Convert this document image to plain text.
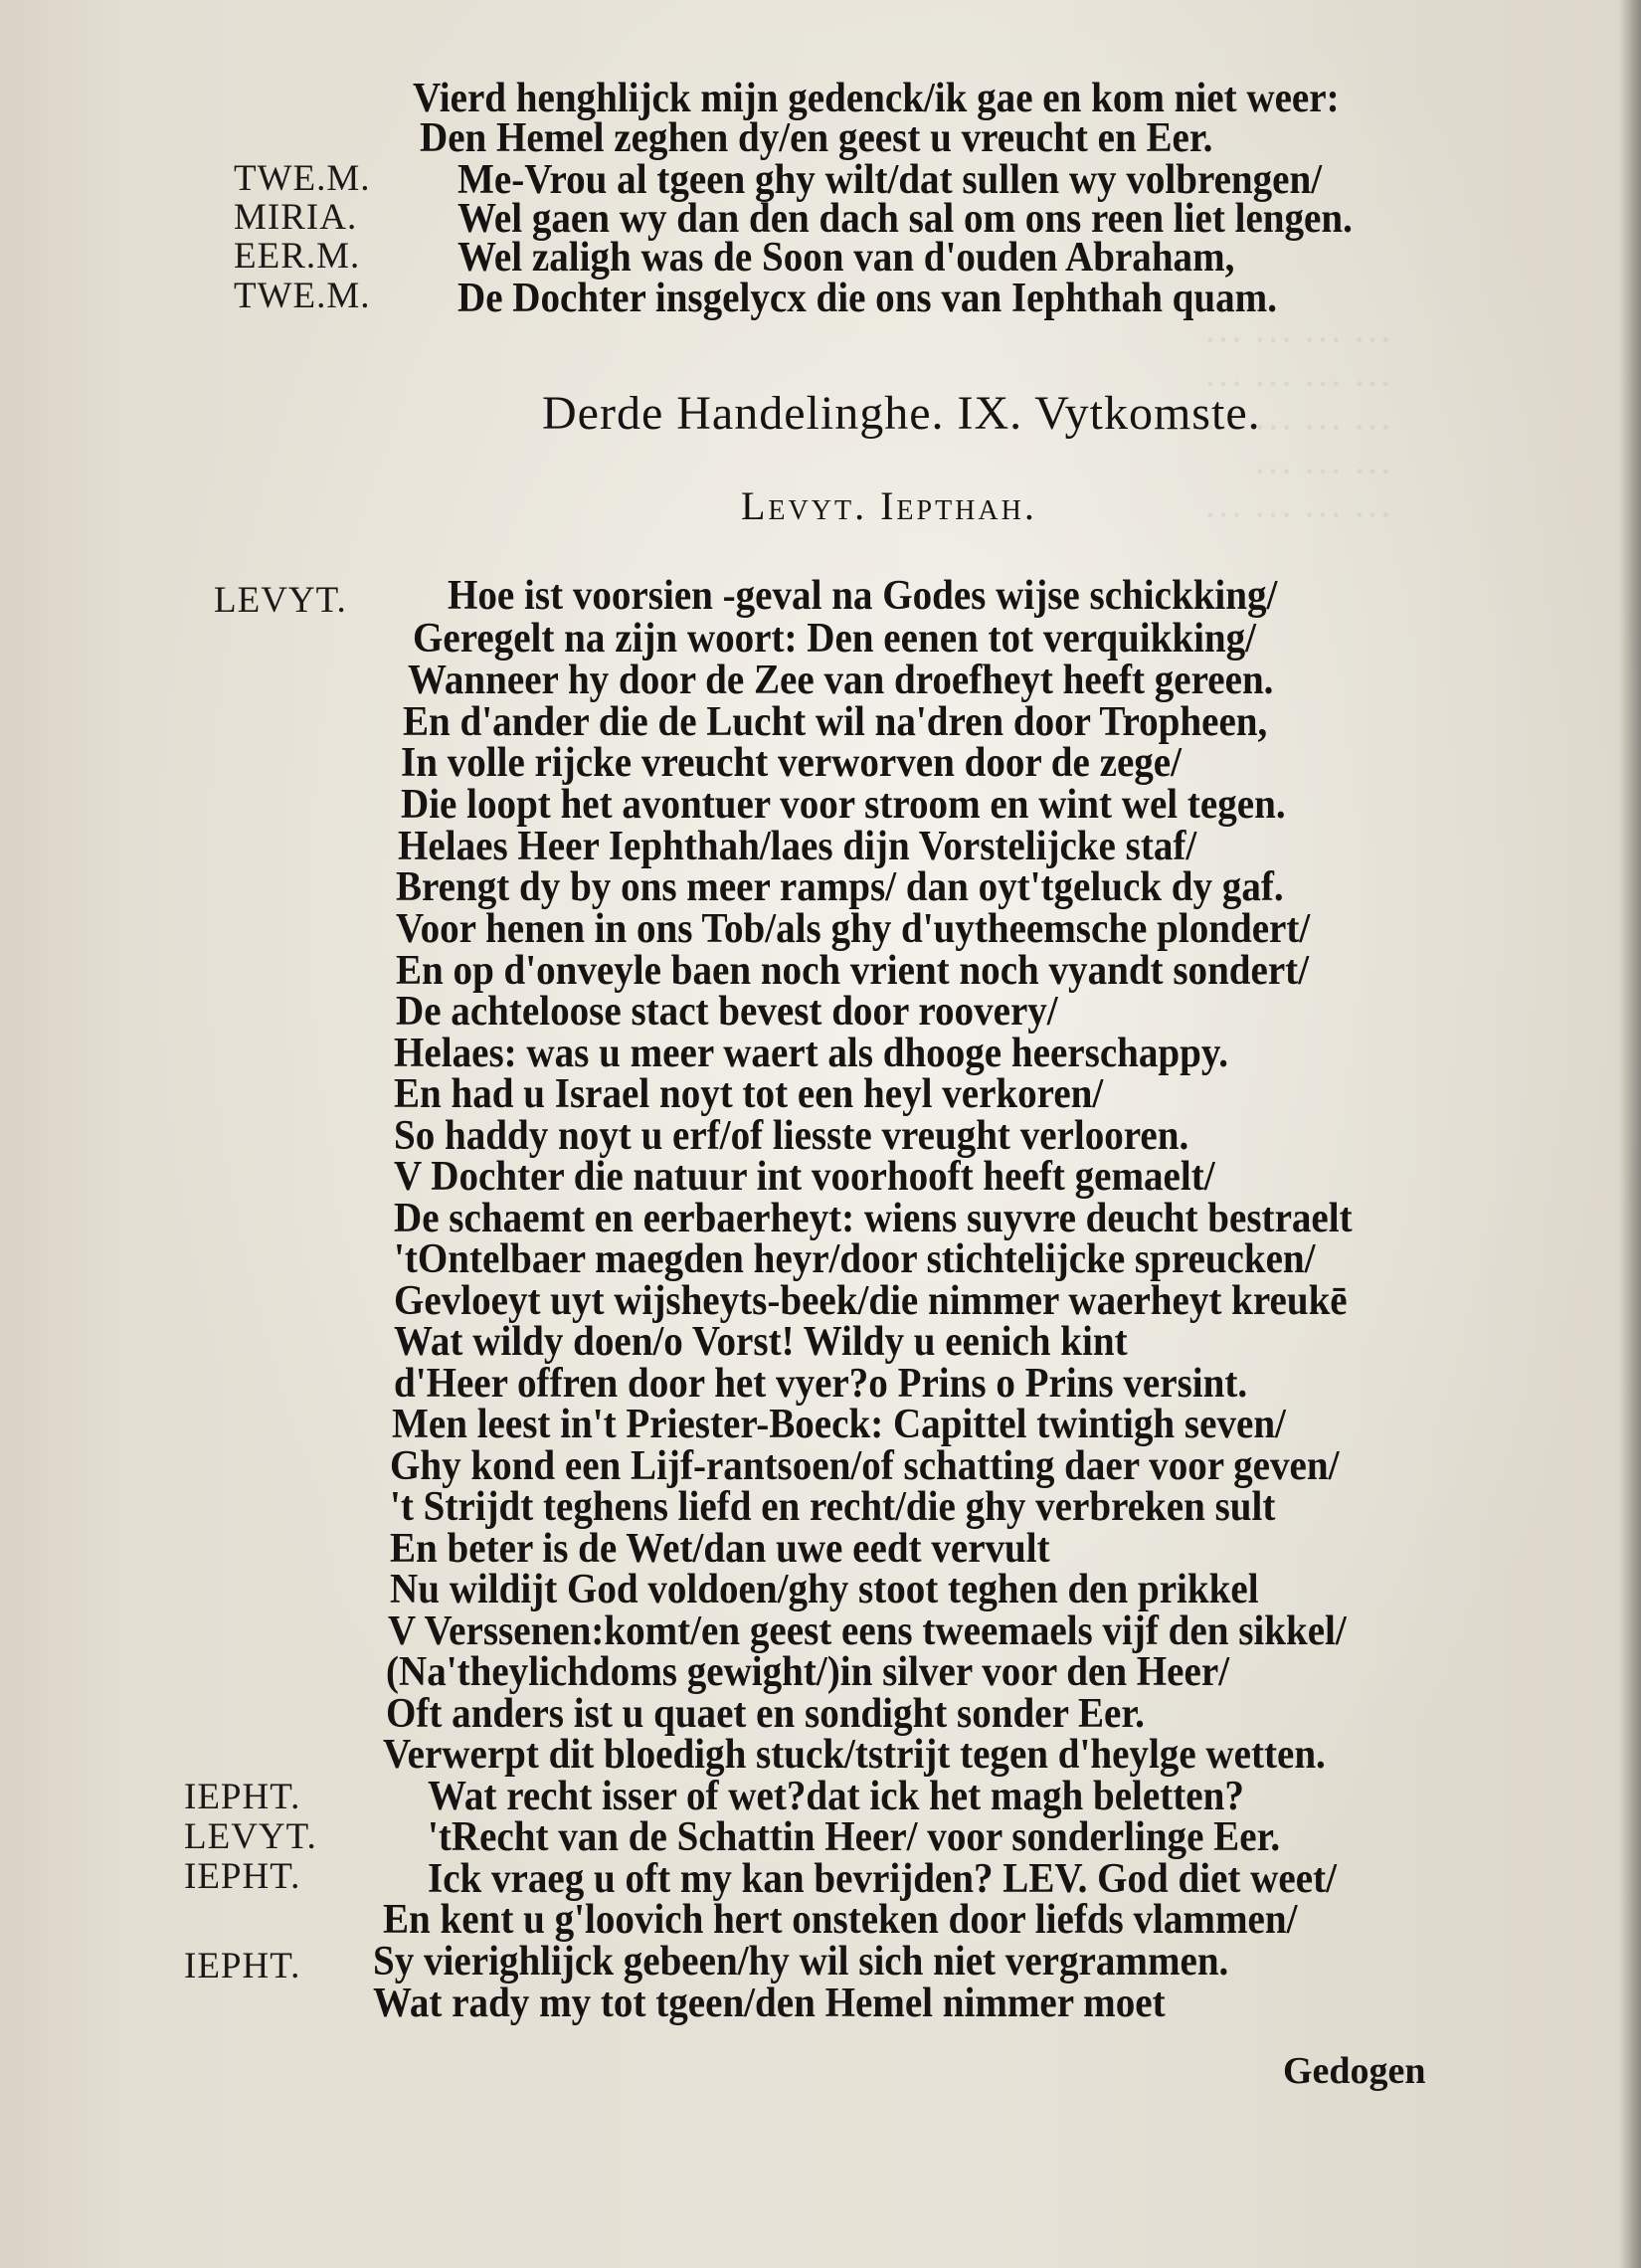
··· ··· ··· ···
··· ··· ··· ···
··· ··· ··· ···
··· ··· ···
··· ··· ··· ···
Vierd henghlijck mijn gedenck/ik gae en kom niet weer:
Den Hemel zeghen dy/en geest u vreucht en Eer.
TWE.M. Me-Vrou al tgeen ghy wilt/dat sullen wy volbrengen/
MIRIA. Wel gaen wy dan den dach sal om ons reen liet lengen.
EER.M. Wel zaligh was de Soon van d'ouden Abraham,
TWE.M. De Dochter insgelycx die ons van Iephthah quam.
Derde Handelinghe. IX. Vytkomste.
Levyt. Iepthah.
LEVYT. Hoe ist voorsien -geval na Godes wijse schickking/
Geregelt na zijn woort: Den eenen tot verquikking/
Wanneer hy door de Zee van droefheyt heeft gereen.
En d'ander die de Lucht wil na'dren door Tropheen,
In volle rijcke vreucht verworven door de zege/
Die loopt het avontuer voor stroom en wint wel tegen.
Helaes Heer Iephthah/laes dijn Vorstelijcke staf/
Brengt dy by ons meer ramps/ dan oyt'tgeluck dy gaf.
Voor henen in ons Tob/als ghy d'uytheemsche plondert/
En op d'onveyle baen noch vrient noch vyandt sondert/
De achteloose stact bevest door roovery/
Helaes: was u meer waert als dhooge heerschappy.
En had u Israel noyt tot een heyl verkoren/
So haddy noyt u erf/of liesste vreught verlooren.
V Dochter die natuur int voorhooft heeft gemaelt/
De schaemt en eerbaerheyt: wiens suyvre deucht bestraelt
'tOntelbaer maegden heyr/door stichtelijcke spreucken/
Gevloeyt uyt wijsheyts-beek/die nimmer waerheyt kreukē
Wat wildy doen/o Vorst! Wildy u eenich kint
d'Heer offren door het vyer?o Prins o Prins versint.
Men leest in't Priester-Boeck: Capittel twintigh seven/
Ghy kond een Lijf-rantsoen/of schatting daer voor geven/
't Strijdt teghens liefd en recht/die ghy verbreken sult
En beter is de Wet/dan uwe eedt vervult
Nu wildijt God voldoen/ghy stoot teghen den prikkel
V Verssenen:komt/en geest eens tweemaels vijf den sikkel/
(Na'theylichdoms gewight/)in silver voor den Heer/
Oft anders ist u quaet en sondight sonder Eer.
IEPHT.
Verwerpt dit bloedigh stuck/tstrijt tegen d'heylge wetten.
LEVYT.
Wat recht isser of wet?dat ick het magh beletten?
IEPHT.
'tRecht van de Schattin Heer/ voor sonderlinge Eer.
Ick vraeg u oft my kan bevrijden? LEV. God diet weet/
En kent u g'loovich hert onsteken door liefds vlammen/
IEPHT. Sy vierighlijck gebeen/hy wil sich niet vergrammen.
Wat rady my tot tgeen/den Hemel nimmer moet
Gedogen
